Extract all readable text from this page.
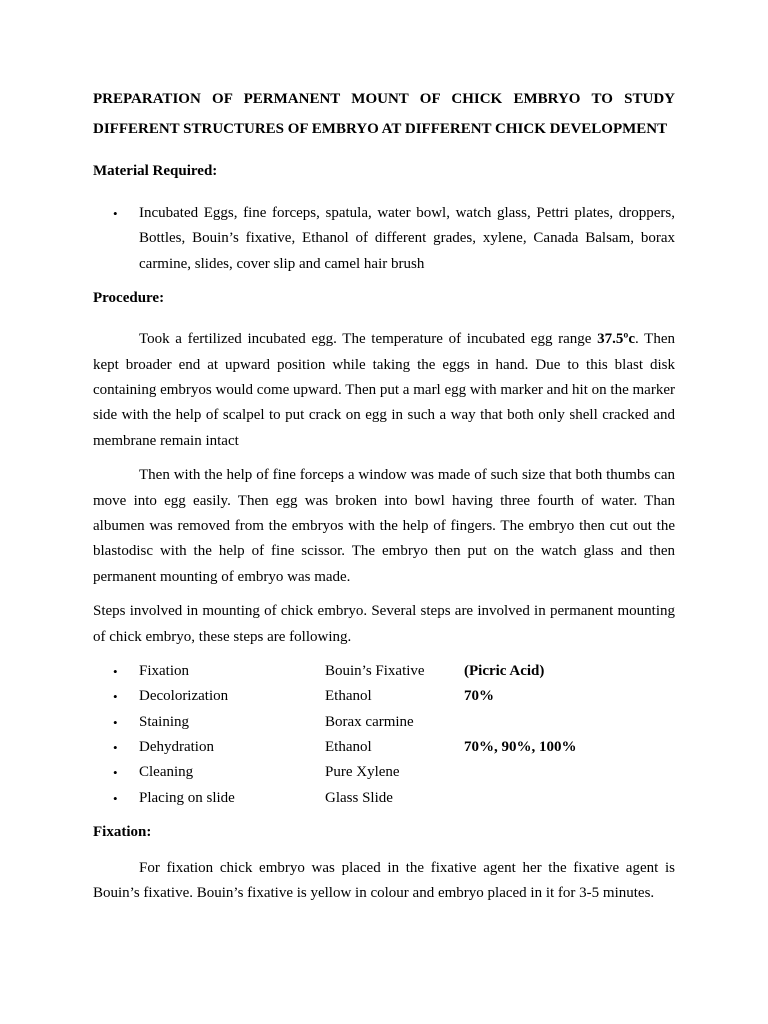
PREPARATION OF PERMANENT MOUNT OF CHICK EMBRYO TO STUDY

DIFFERENT STRUCTURES OF EMBRYO AT DIFFERENT CHICK DEVELOPMENT

Material Required:

• Incubated Eggs, fine forceps, spatula, water bowl, watch glass, Pettri plates, droppers, Bottles, Bouin’s fixative, Ethanol of different grades, xylene, Canada Balsam, borax carmine, slides, cover slip and camel hair brush

Procedure:

Took a fertilized incubated egg. The temperature of incubated egg range 37.5ºc. Then kept broader end at upward position while taking the eggs in hand. Due to this blast disk containing embryos would come upward. Then put a marl egg with marker and hit on the marker side with the help of scalpel to put crack on egg in such a way that both only shell cracked and membrane remain intact

Then with the help of fine forceps a window was made of such size that both thumbs can move into egg easily. Then egg was broken into bowl having three fourth of water. Than albumen was removed from the embryos with the help of fingers. The embryo then cut out the blastodisc with the help of fine scissor. The embryo then put on the watch glass and then permanent mounting of embryo was made.

Steps involved in mounting of chick embryo. Several steps are involved in permanent mounting of chick embryo, these steps are following.

• Fixation	Bouin’s Fixative	(Picric Acid)
• Decolorization	Ethanol	70%
• Staining	Borax carmine
• Dehydration	Ethanol	70%, 90%, 100%
• Cleaning	Pure Xylene
• Placing on slide	Glass Slide

Fixation:

For fixation chick embryo was placed in the fixative agent her the fixative agent is Bouin’s fixative. Bouin’s fixative is yellow in colour and embryo placed in it for 3-5 minutes.
